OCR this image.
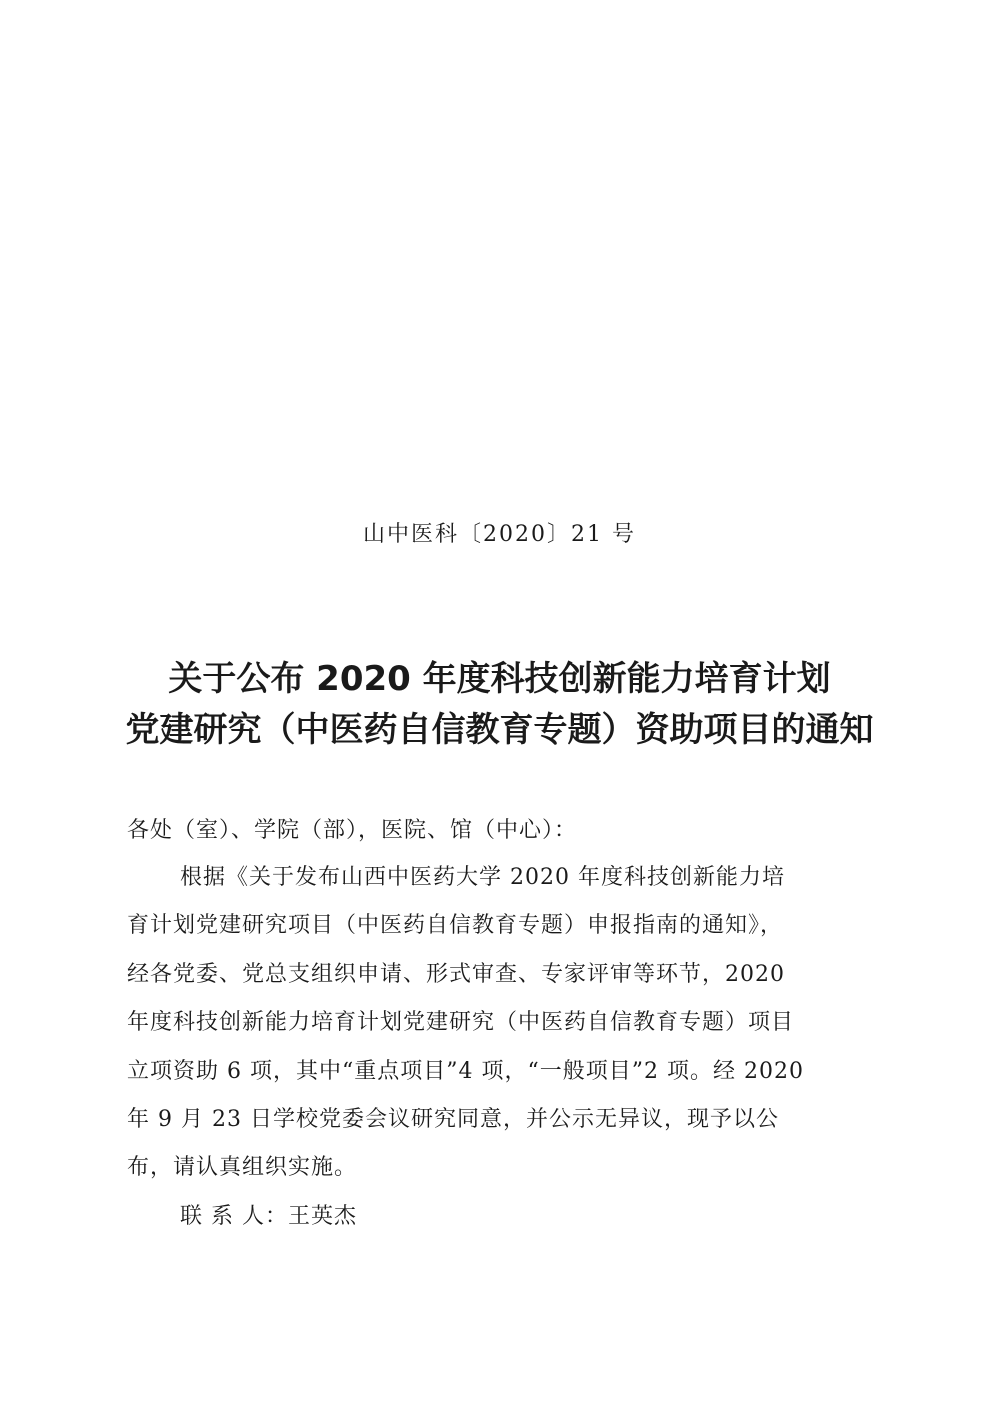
山中医科〔2020〕21 号
关于公布 2020 年度科技创新能力培育计划
党建研究（中医药自信教育专题）资助项目的通知
各处（室）、学院（部），医院、馆（中心）：
根据《关于发布山西中医药大学 2020 年度科技创新能力培
育计划党建研究项目（中医药自信教育专题）申报指南的通知》，
经各党委、党总支组织申请、形式审查、专家评审等环节，2020
年度科技创新能力培育计划党建研究（中医药自信教育专题）项目
立项资助 6 项，其中“重点项目”4 项，“一般项目”2 项。经 2020
年 9 月 23 日学校党委会议研究同意，并公示无异议，现予以公
布，请认真组织实施。
联 系 人：王英杰
